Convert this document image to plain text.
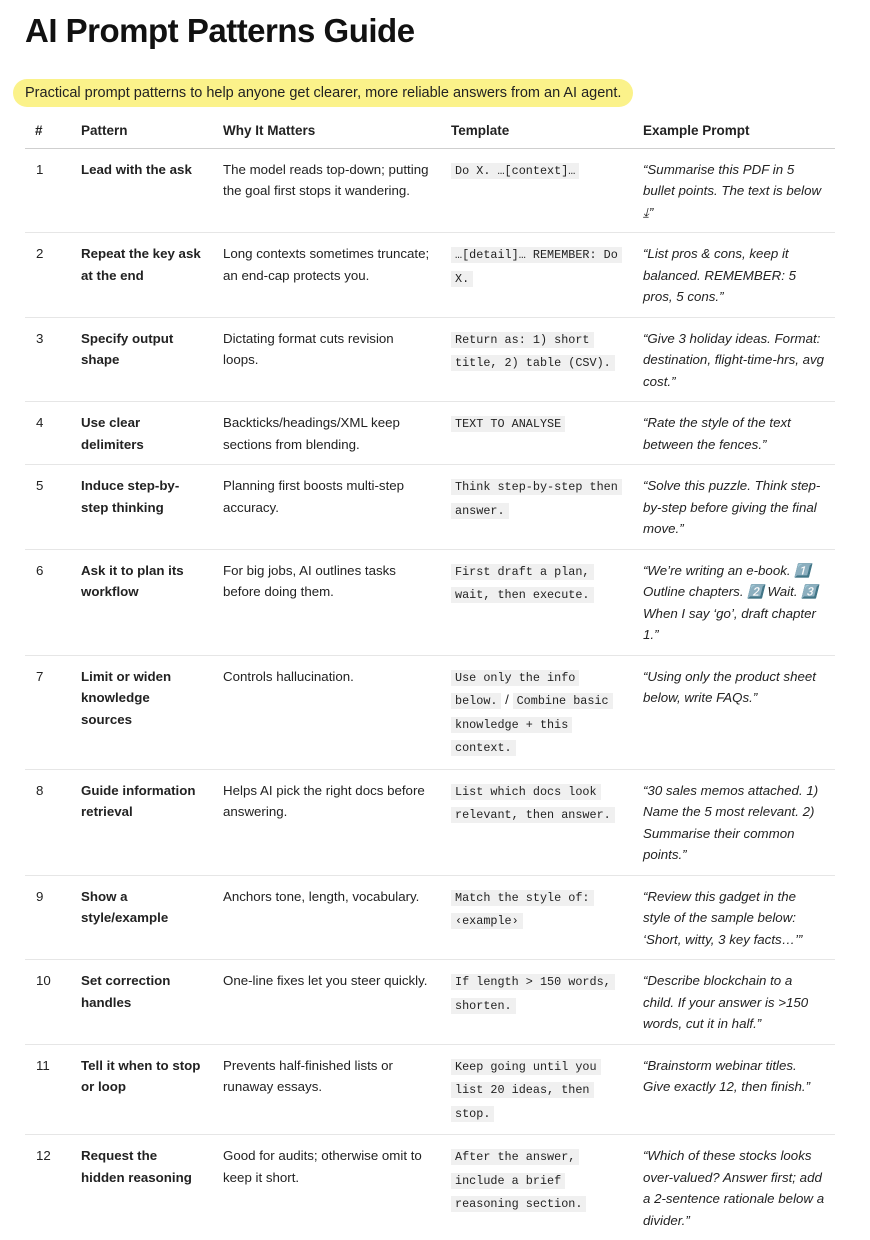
AI Prompt Patterns Guide
Practical prompt patterns to help anyone get clearer, more reliable answers from an AI agent.
#	Pattern	Why It Matters	Template	Example Prompt
1	Lead with the ask	The model reads top-down; putting the goal first stops it wandering.	Do X. …[context]…	“Summarise this PDF in 5 bullet points. The text is below ⤓”
2	Repeat the key ask at the end	Long contexts sometimes truncate; an end-cap protects you.	…[detail]… REMEMBER: Do X.	“List pros & cons, keep it balanced. REMEMBER: 5 pros, 5 cons.”
3	Specify output shape	Dictating format cuts revision loops.	Return as: 1) short title, 2) table (CSV).	“Give 3 holiday ideas. Format: destination, flight-time-hrs, avg cost.”
4	Use clear delimiters	Backticks/headings/XML keep sections from blending.	TEXT TO ANALYSE	“Rate the style of the text between the fences.”
5	Induce step-by-step thinking	Planning first boosts multi-step accuracy.	Think step-by-step then answer.	“Solve this puzzle. Think step-by-step before giving the final move.”
6	Ask it to plan its workflow	For big jobs, AI outlines tasks before doing them.	First draft a plan, wait, then execute.	“We’re writing an e-book. 1️⃣ Outline chapters. 2️⃣ Wait. 3️⃣ When I say ‘go’, draft chapter 1.”
7	Limit or widen knowledge sources	Controls hallucination.	Use only the info below. / Combine basic knowledge + this context.	“Using only the product sheet below, write FAQs.”
8	Guide information retrieval	Helps AI pick the right docs before answering.	List which docs look relevant, then answer.	“30 sales memos attached. 1) Name the 5 most relevant. 2) Summarise their common points.”
9	Show a style/example	Anchors tone, length, vocabulary.	Match the style of: ‹example›	“Review this gadget in the style of the sample below: ‘Short, witty, 3 key facts…’”
10	Set correction handles	One-line fixes let you steer quickly.	If length > 150 words, shorten.	“Describe blockchain to a child. If your answer is >150 words, cut it in half.”
11	Tell it when to stop or loop	Prevents half-finished lists or runaway essays.	Keep going until you list 20 ideas, then stop.	“Brainstorm webinar titles. Give exactly 12, then finish.”
12	Request the hidden reasoning	Good for audits; otherwise omit to keep it short.	After the answer, include a brief reasoning section.	“Which of these stocks looks over-valued? Answer first; add a 2-sentence rationale below a divider.”
